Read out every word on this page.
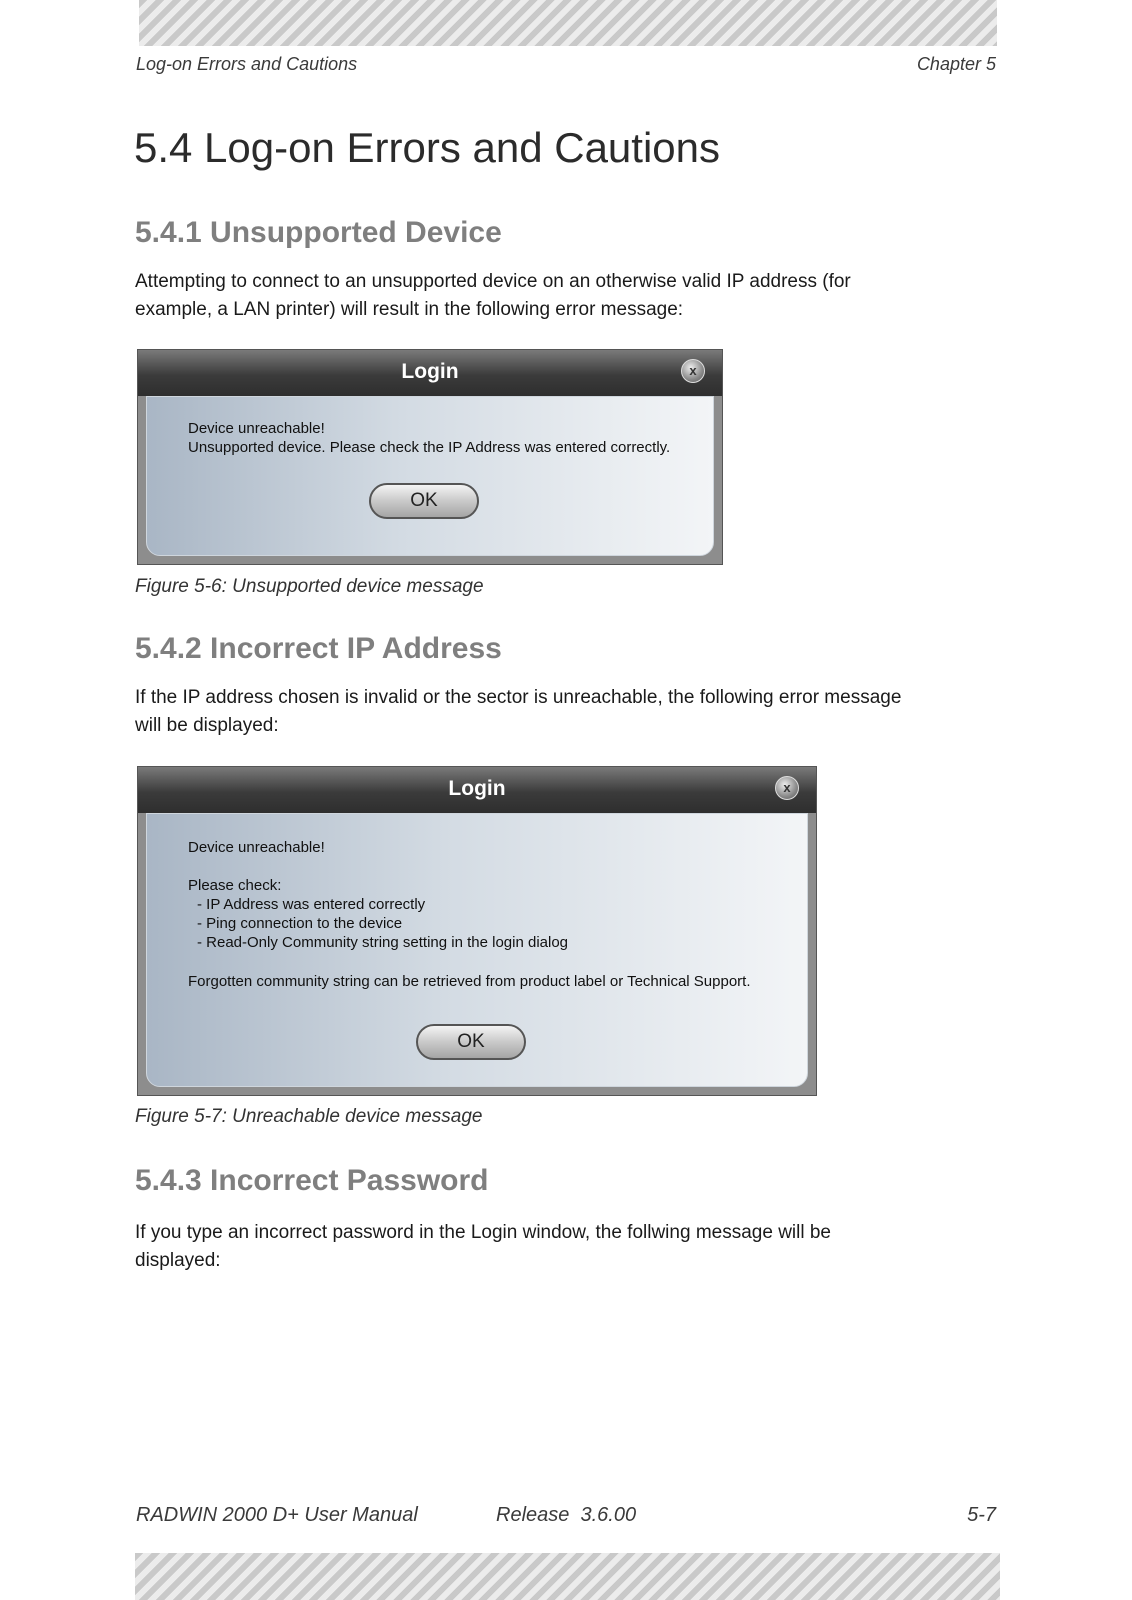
Log-on Errors and Cautions	Chapter 5
5.4 Log-on Errors and Cautions
5.4.1 Unsupported Device
Attempting to connect to an unsupported device on an otherwise valid IP address (for
example, a LAN printer) will result in the following error message:
Login	x
Device unreachable!
Unsupported device. Please check the IP Address was entered correctly.
OK
Figure 5-6: Unsupported device message
5.4.2 Incorrect IP Address
If the IP address chosen is invalid or the sector is unreachable, the following error message
will be displayed:
Login	x
Device unreachable!
Please check:
- IP Address was entered correctly
- Ping connection to the device
- Read-Only Community string setting in the login dialog
Forgotten community string can be retrieved from product label or Technical Support.
OK
Figure 5-7: Unreachable device message
5.4.3 Incorrect Password
If you type an incorrect password in the Login window, the follwing message will be
displayed:
RADWIN 2000 D+ User Manual	Release  3.6.00	5-7
